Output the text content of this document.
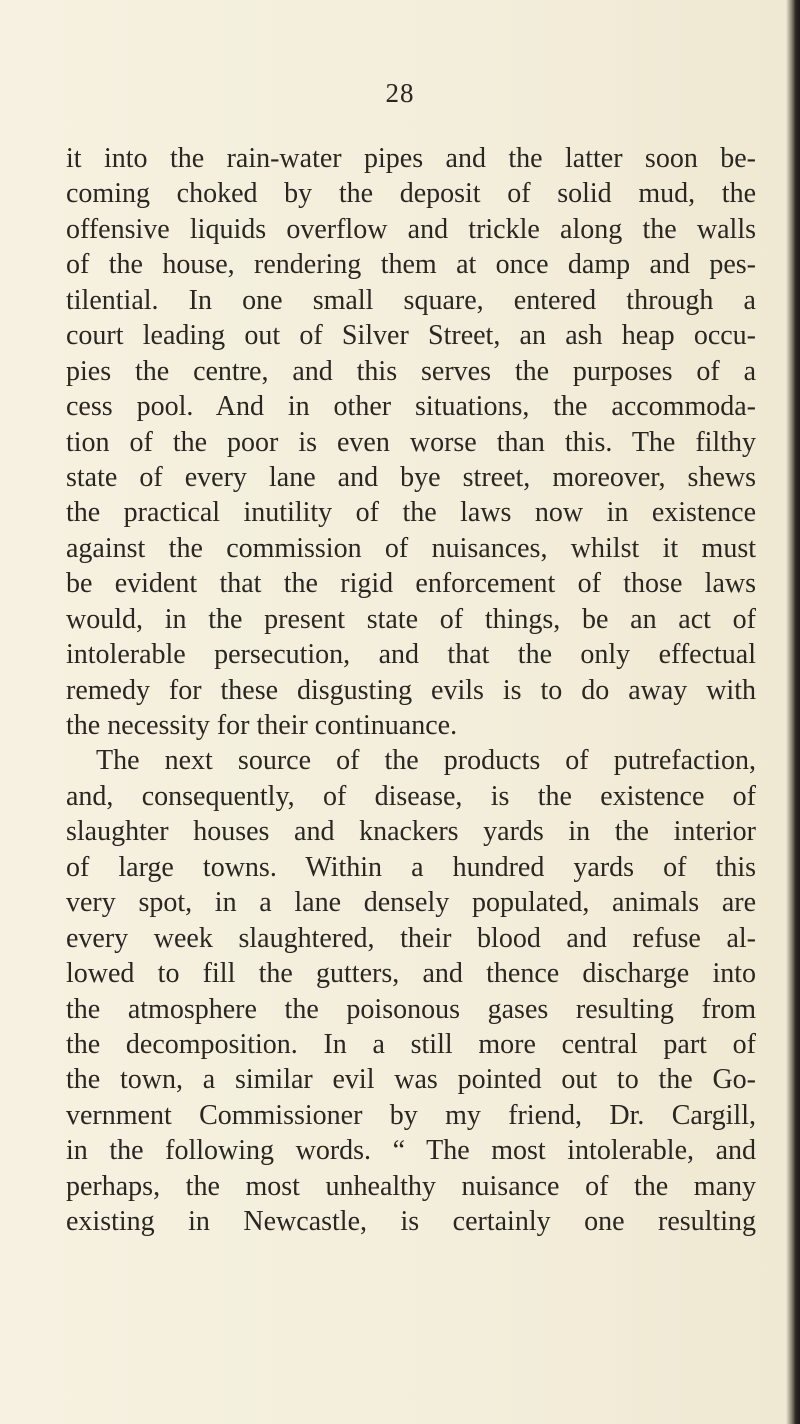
28
it into the rain-water pipes and the latter soon be-
coming choked by the deposit of solid mud, the
offensive liquids overflow and trickle along the walls
of the house, rendering them at once damp and pes-
tilential. In one small square, entered through a
court leading out of Silver Street, an ash heap occu-
pies the centre, and this serves the purposes of a
cess pool. And in other situations, the accommoda-
tion of the poor is even worse than this. The filthy
state of every lane and bye street, moreover, shews
the practical inutility of the laws now in existence
against the commission of nuisances, whilst it must
be evident that the rigid enforcement of those laws
would, in the present state of things, be an act of
intolerable persecution, and that the only effectual
remedy for these disgusting evils is to do away with
the necessity for their continuance.
The next source of the products of putrefaction,
and, consequently, of disease, is the existence of
slaughter houses and knackers yards in the interior
of large towns. Within a hundred yards of this
very spot, in a lane densely populated, animals are
every week slaughtered, their blood and refuse al-
lowed to fill the gutters, and thence discharge into
the atmosphere the poisonous gases resulting from
the decomposition. In a still more central part of
the town, a similar evil was pointed out to the Go-
vernment Commissioner by my friend, Dr. Cargill,
in the following words. “ The most intolerable, and
perhaps, the most unhealthy nuisance of the many
existing in Newcastle, is certainly one resulting
